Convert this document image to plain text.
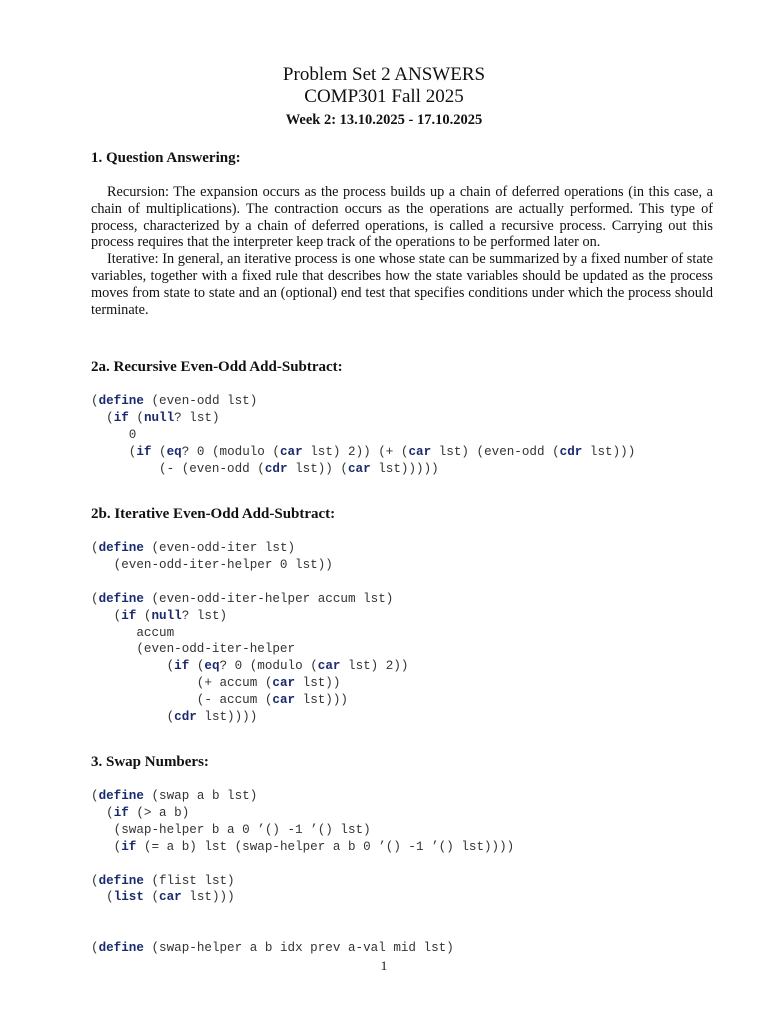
Problem Set 2 ANSWERS
COMP301 Fall 2025
Week 2: 13.10.2025 - 17.10.2025

1. Question Answering:

Recursion: The expansion occurs as the process builds up a chain of deferred operations (in this case, a chain of multiplications). The contraction occurs as the operations are actually performed. This type of process, characterized by a chain of deferred operations, is called a recursive process. Carrying out this process requires that the interpreter keep track of the operations to be performed later on.

Iterative: In general, an iterative process is one whose state can be summarized by a fixed number of state variables, together with a fixed rule that describes how the state variables should be updated as the process moves from state to state and an (optional) end test that specifies conditions under which the process should terminate.

2a. Recursive Even-Odd Add-Subtract:

(define (even-odd lst)
(if (null? lst)
0
(if (eq? 0 (modulo (car lst) 2)) (+ (car lst) (even-odd (cdr lst)))
(- (even-odd (cdr lst)) (car lst)))))

2b. Iterative Even-Odd Add-Subtract:

(define (even-odd-iter lst)
(even-odd-iter-helper 0 lst))

(define (even-odd-iter-helper accum lst)
(if (null? lst)
accum
(even-odd-iter-helper
(if (eq? 0 (modulo (car lst) 2))
(+ accum (car lst))
(- accum (car lst)))
(cdr lst))))

3. Swap Numbers:

(define (swap a b lst)
(if (> a b)
(swap-helper b a 0 ’() -1 ’() lst)
(if (= a b) lst (swap-helper a b 0 ’() -1 ’() lst))))

(define (flist lst)
(list (car lst)))

(define (swap-helper a b idx prev a-val mid lst)
1
